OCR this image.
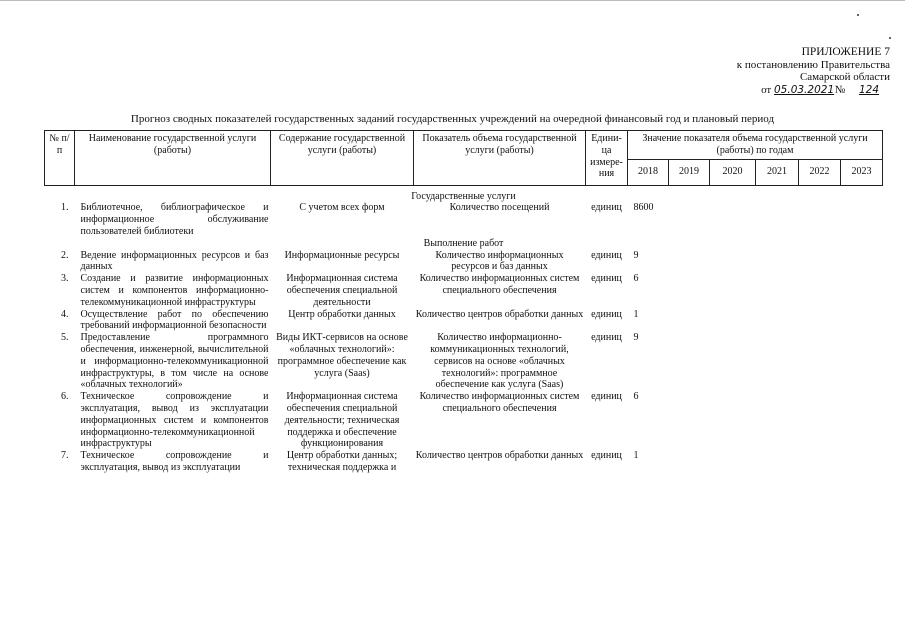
ПРИЛОЖЕНИЕ 7
к постановлению Правительства
Самарской области
от 05.03.2021 № 124
Прогноз сводных показателей государственных заданий государственных учреждений на очередной финансовый год и плановый период
№ п/п	Наименование государственной услуги (работы)	Содержание государственной услуги (работы)	Показатель объема государственной услуги (работы)	Едини- ца измере- ния	Значение показателя объема государственной услуги (работы) по годам					
					2018	2019	2020	2021	2022	2023
Государственные услуги										
1.	Библиотечное, библиографическое и информационное обслуживание пользователей библиотеки	С учетом всех форм	Количество посещений	единиц	8600					
Выполнение работ										
2.	Ведение информационных ресурсов и баз данных	Информационные ресурсы	Количество информационных ресурсов и баз данных	единиц	9					
3.	Создание и развитие информационных систем и компонентов информационно-телекоммуникационной инфраструктуры	Информационная система обеспечения специальной деятельности	Количество информационных систем специального обеспечения	единиц	6					
4.	Осуществление работ по обеспечению требований информационной безопасности	Центр обработки данных	Количество центров обработки данных	единиц	1					
5.	Предоставление программного обеспечения, инженерной, вычислительной и информационно-телекоммуникационной инфраструктуры, в том числе на основе «облачных технологий»	Виды ИКТ-сервисов на основе «облачных технологий»: программное обеспечение как услуга (Saas)	Количество информационно-коммуникационных технологий, сервисов на основе «облачных технологий»: программное обеспечение как услуга (Saas)	единиц	9					
6.	Техническое сопровождение и эксплуатация, вывод из эксплуатации информационных систем и компонентов информационно-телекоммуникационной инфраструктуры	Информационная система обеспечения специальной деятельности; техническая поддержка и обеспечение функционирования	Количество информационных систем специального обеспечения	единиц	6					
7.	Техническое сопровождение и эксплуатация, вывод из эксплуатации	Центр обработки данных; техническая поддержка и	Количество центров обработки данных	единиц	1					
